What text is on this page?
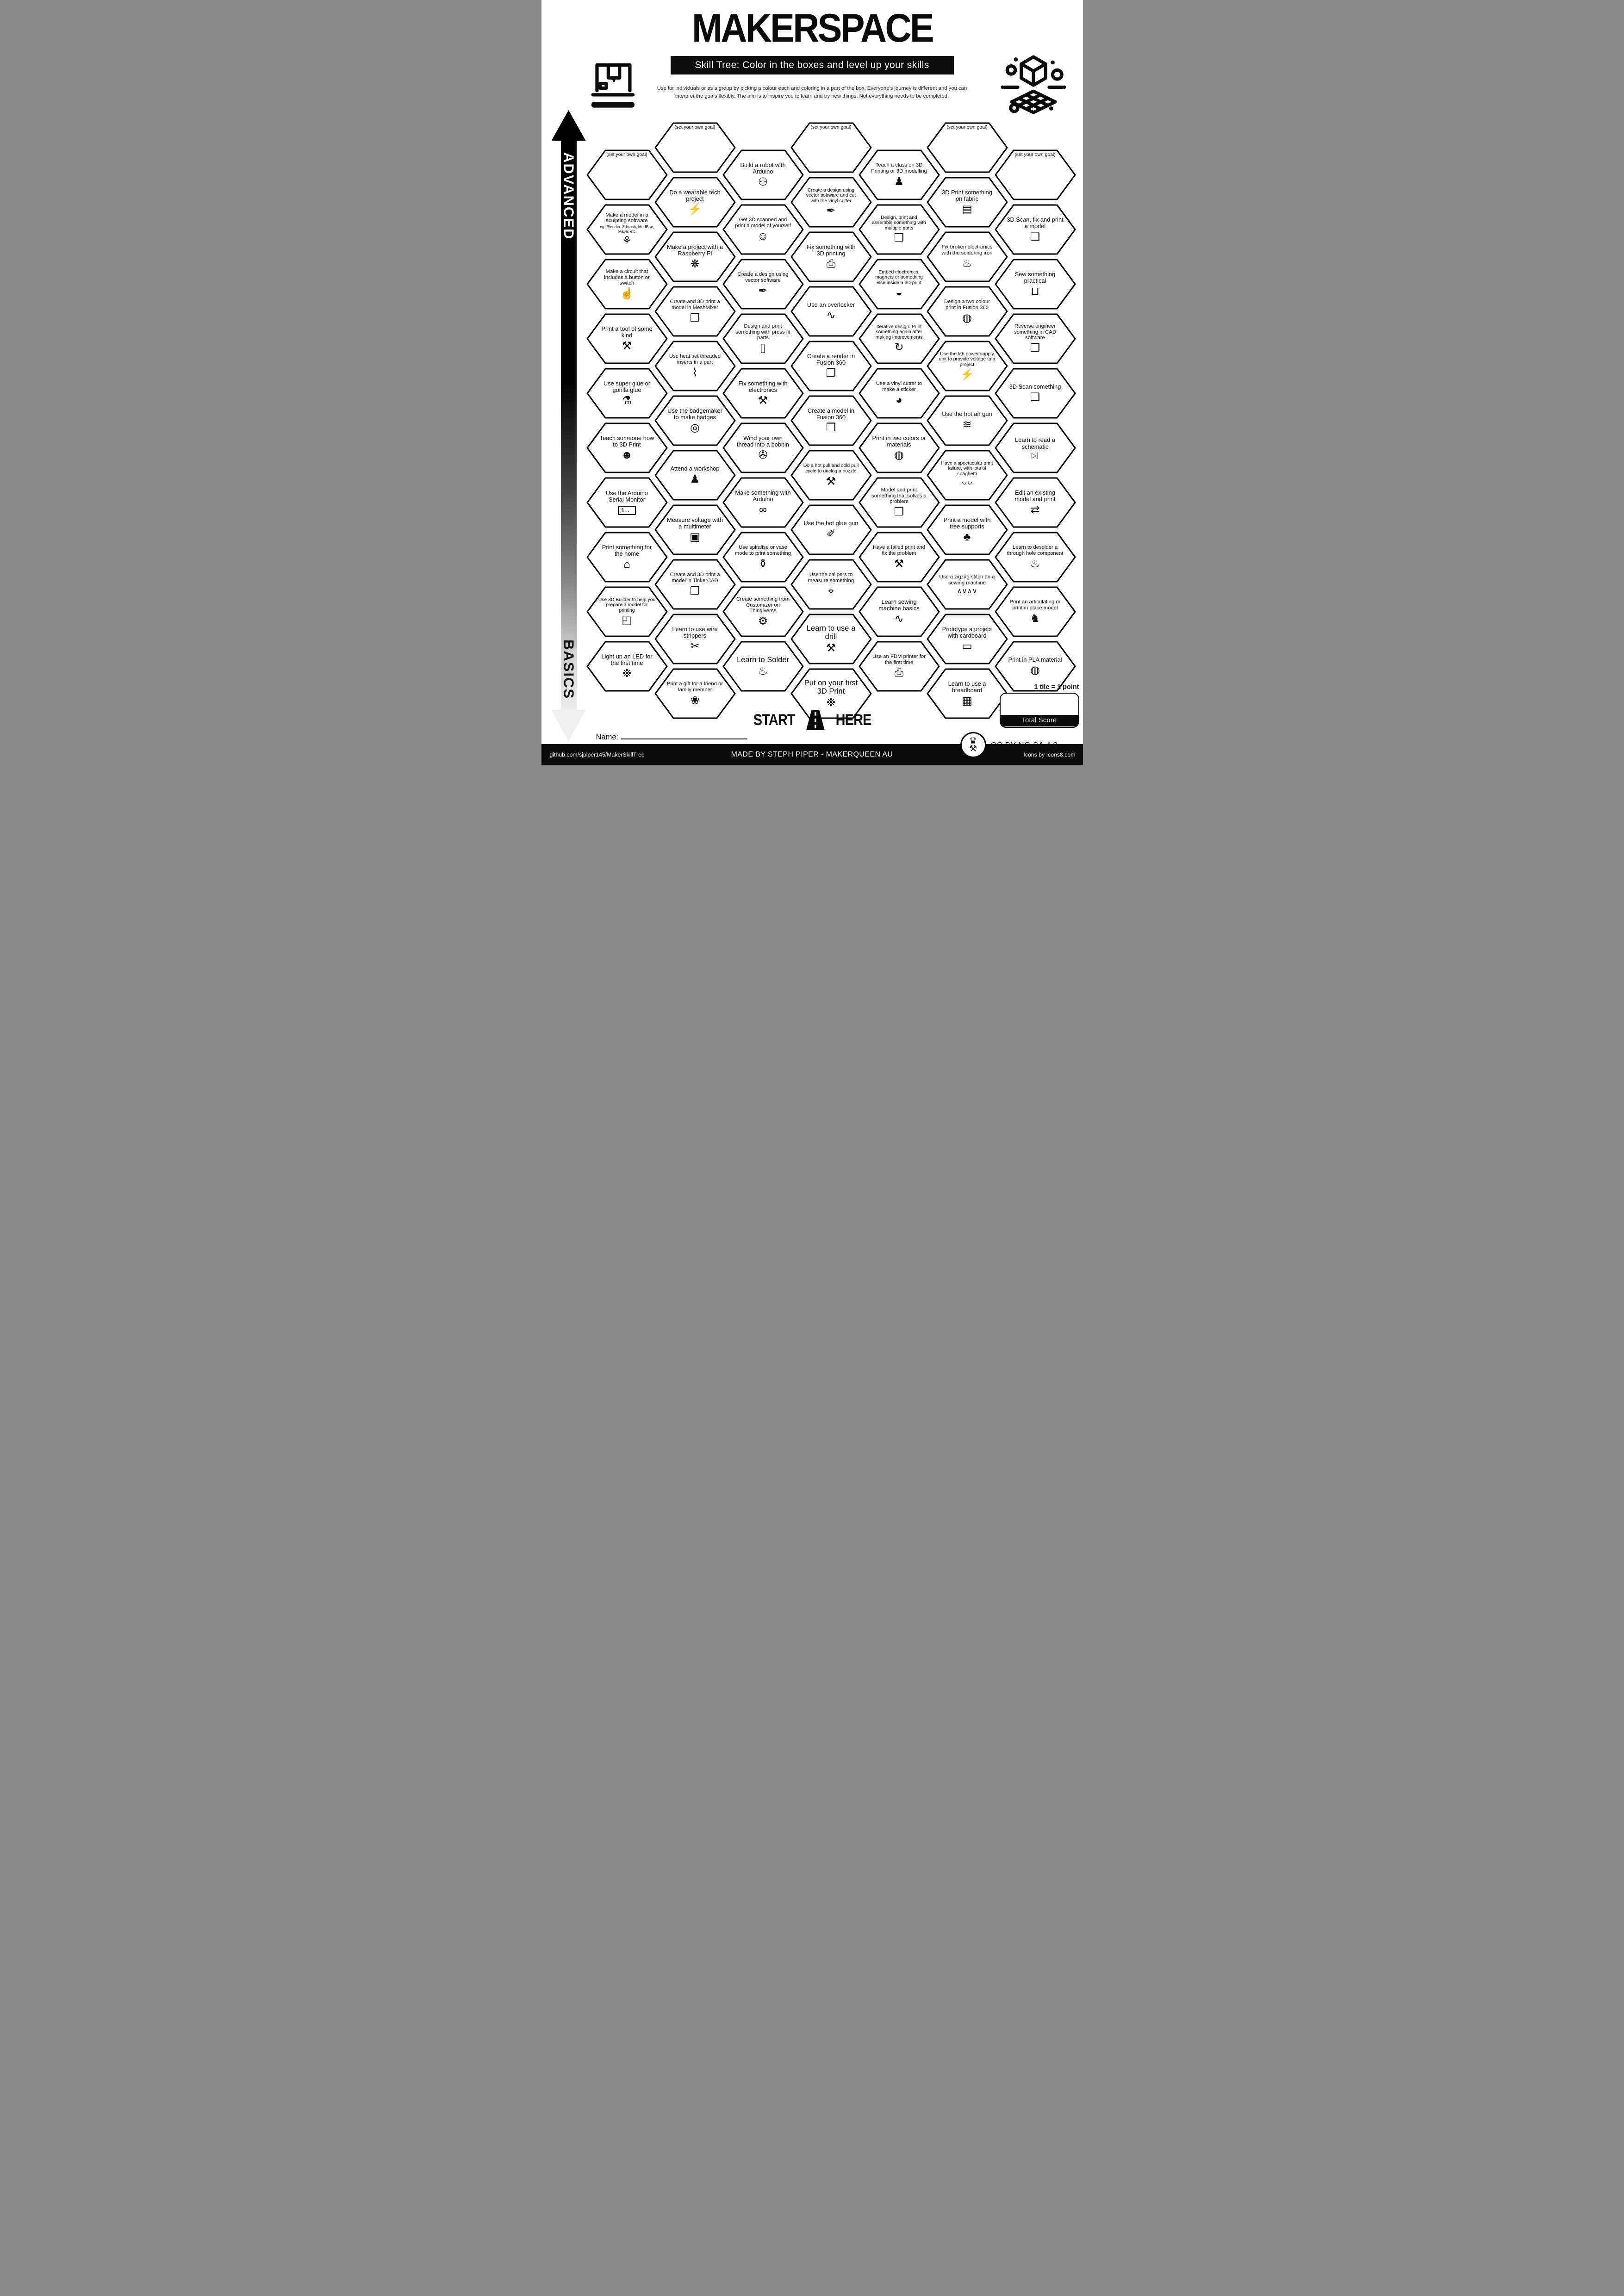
MAKERSPACE
Skill Tree: Color in the boxes and level up your skills

Use for individuals or as a group by picking a colour each and coloring in a part of the box. Everyone's journey is different and you can
interpret the goals flexibly. The aim is to inspire you to learn and try new things. Not everything needs to be completed.

ADVANCED
BASICS
(set your own goal)
Make a model in a sculpting software
eg. Blender, Z-brush, MudBox, Maya, etc
⚘
Make a circuit that includes a button or switch
☝
Print a tool of some kind
⚒
Use super glue or gorilla glue
⚗
Teach someone how to 3D Print
☻
Use the Arduino Serial Monitor
1..
Print something for the home
⌂
Use 3D Builder to help you prepare a model for printing
◰
Light up an LED for the first time
❉
(set your own goal)
Do a wearable tech project
⚡
Make a project with a Raspberry Pi
❋
Create and 3D print a model in MeshMixer
❐
Use heat set threaded inserts in a part
⌇
Use the badgemaker to make badges
◎
Attend a workshop
♟
Measure voltage with a multimeter
▣
Create and 3D print a model in TinkerCAD
❐
Learn to use wire strippers
✂
Print a gift for a friend or family member
❀
Build a robot with Arduino
⚇
Get 3D scanned and print a model of yourself
☺
Create a design using vector software
✒
Design and print something with press fit parts
▯
Fix something with electronics
⚒
Wind your own thread into a bobbin
✇
Make something with Arduino
∞
Use spiralise or vase mode to print something
⚱
Create something from Customizer on Thingiverse
⚙
Learn to Solder
♨
(set your own goal)
Create a design using vector software and cut with the vinyl cutter
✒
Fix something with 3D printing
⎙
Use an overlocker
∿
Create a render in Fusion 360
❐
Create a model in Fusion 360
❐
Do a hot pull and cold pull cycle to unclog a nozzle
⚒
Use the hot glue gun
✐
Use the calipers to measure something
⌖
Learn to use a drill
⚒
Put on your first 3D Print
❉
Teach a class on 3D Printing or 3D modelling
♟
Design, print and assemble something with multiple parts
❒
Embed electronics, magnets or something else inside a 3D print
◒
Iterative design: Print something again after making improvements
↻
Use a vinyl cutter to make a sticker
◕
Print in two colors or materials
◍
Model and print something that solves a problem
❐
Have a failed print and fix the problem
⚒
Learn sewing machine basics
∿
Use an FDM printer for the first time
⎙
(set your own goal)
3D Print something on fabric
▤
Fix broken electronics with the soldering iron
♨
Design a two colour print in Fusion 360
◍
Use the lab power supply unit to provide voltage to a project
⚡
Use the hot air gun
≋
Have a spectacular print failure, with lots of spaghetti
〰
Print a model with tree supports
♣
Use a zigzag stitch on a sewing machine
∧∨∧∨
Prototype a project with cardboard
▭
Learn to use a breadboard
▦
(set your own goal)
3D Scan, fix and print a model
❏
Sew something practical
⊔
Reverse engineer something in CAD software
❐
3D Scan something
❏
Learn to read a schematic
▷|
Edit an existing model and print
⇄
Learn to desolder a through hole component
♨
Print an articulating or print in place model
♞
Print in PLA material
◍
START	HERE
Name:
1 tile = 1 point
Total Score
♛
⚒ CC BY-NC-SA 4.0
github.com/sjpiper145/MakerSkillTree	MADE BY STEPH PIPER - MAKERQUEEN AU	Icons by Icons8.com
